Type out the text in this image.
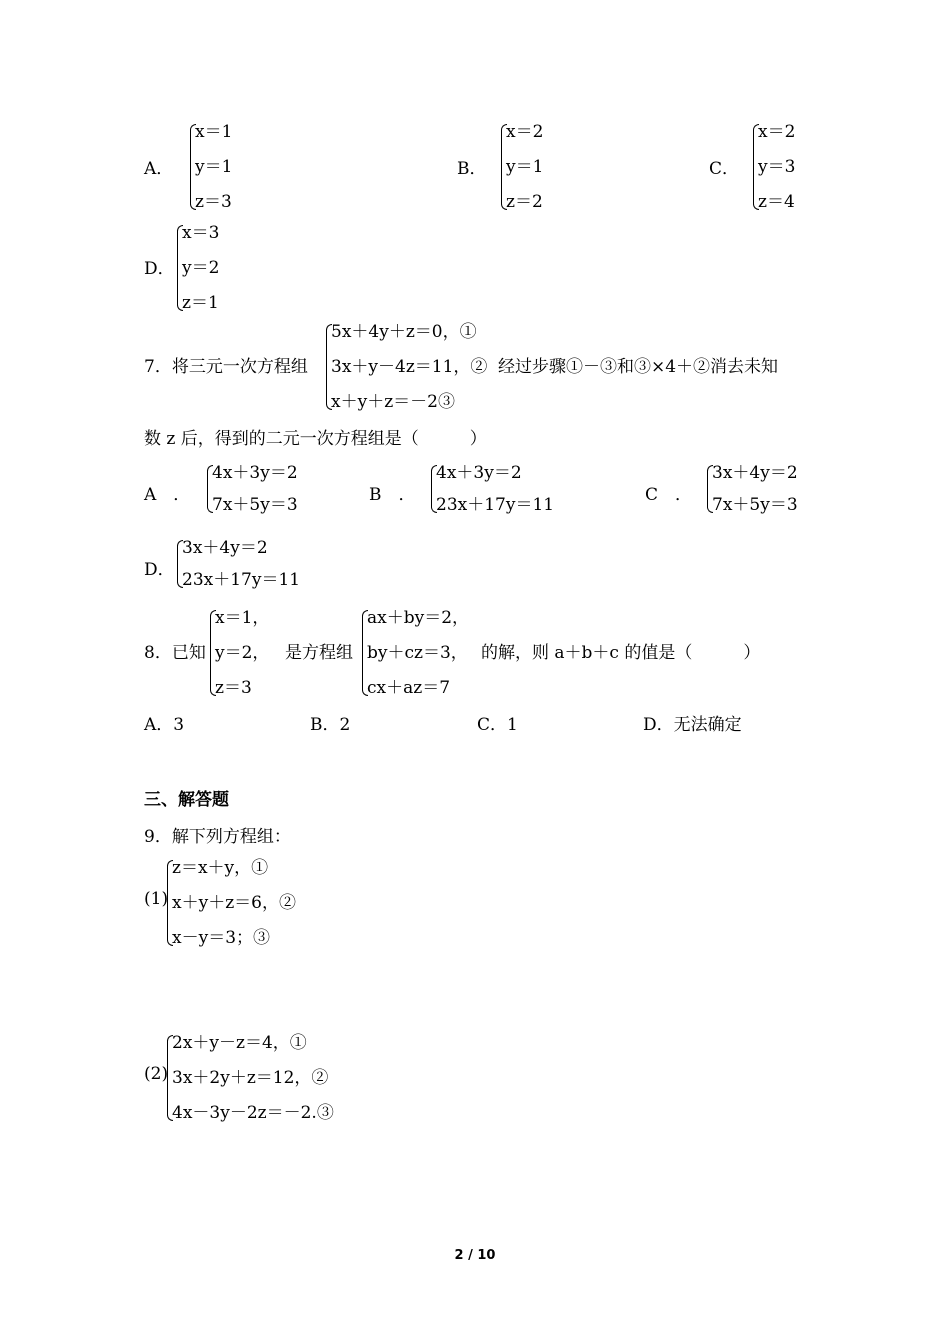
A．
x＝1
y＝1
z＝3
B．
x＝2
y＝1
z＝2
C．
x＝2
y＝3
z＝4
D．
x＝3
y＝2
z＝1
7．将三元一次方程组
5x＋4y＋z＝0，①
3x＋y－4z＝11，②
x＋y＋z＝－2③
经过步骤①－③和③×4＋②消去未知
数 z 后，得到的二元一次方程组是（　　　）
A　．
4x＋3y＝2
7x＋5y＝3	B　．
4x＋3y＝2
23x＋17y＝11	C　．
3x＋4y＝2
7x＋5y＝3
D．
3x＋4y＝2
23x＋17y＝11
8．已知
x＝1，
y＝2，
z＝3
是方程组
ax＋by＝2，
by＋cz＝3，
cx＋az＝7
的解，则 a＋b＋c 的值是（　　　）
A．3	B．2	C．1	D．无法确定
三、解答题
9．解下列方程组：
(1)
z＝x＋y，①
x＋y＋z＝6，②
x－y＝3；③
(2)
2x＋y－z＝4，①
3x＋2y＋z＝12，②
4x－3y－2z＝－2.③
2 / 10
